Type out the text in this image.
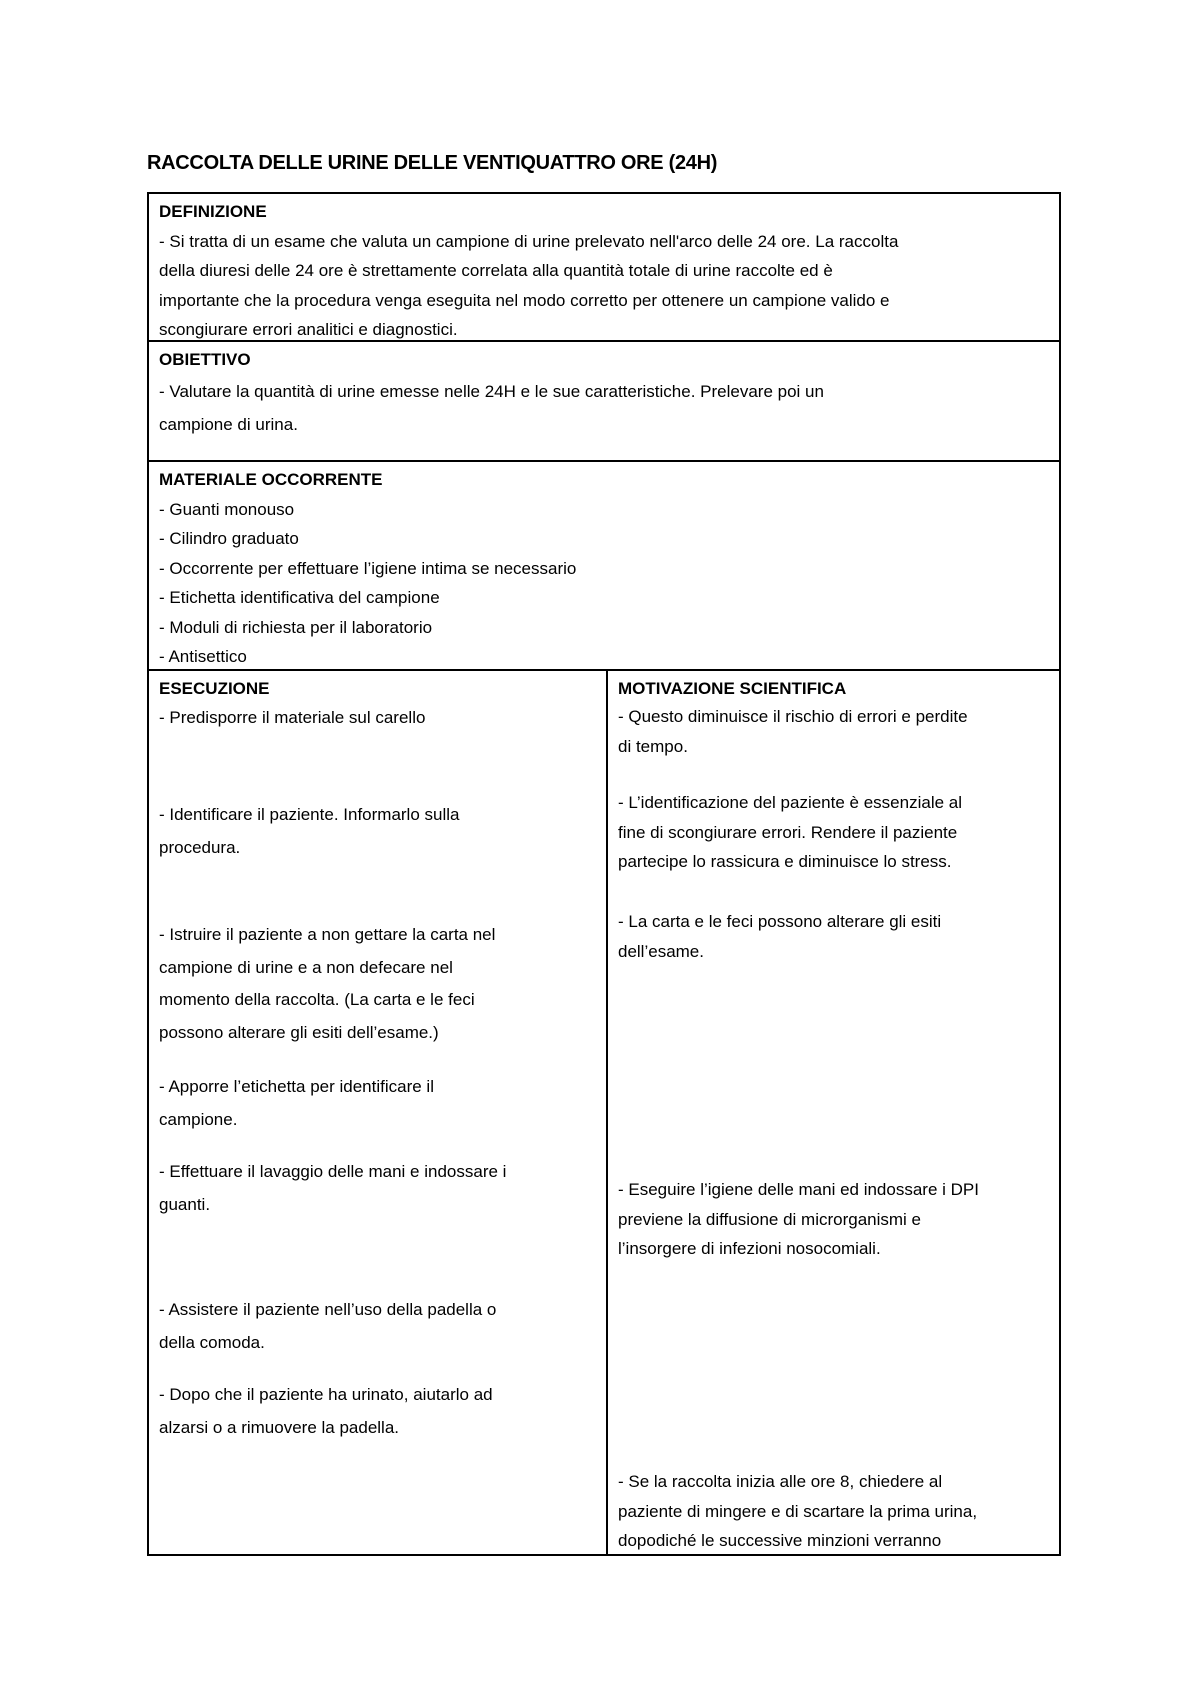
RACCOLTA DELLE URINE DELLE VENTIQUATTRO ORE (24H)
DEFINIZIONE
- Si tratta di un esame che valuta un campione di urine prelevato nell'arco delle 24 ore. La raccolta
della diuresi delle 24 ore è strettamente correlata alla quantità totale di urine raccolte ed è
importante che la procedura venga eseguita nel modo corretto per ottenere un campione valido e
scongiurare errori analitici e diagnostici.
OBIETTIVO
- Valutare la quantità di urine emesse nelle 24H e le sue caratteristiche. Prelevare poi un
campione di urina.
MATERIALE OCCORRENTE
- Guanti monouso
- Cilindro graduato
- Occorrente per effettuare l’igiene intima se necessario
- Etichetta identificativa del campione
- Moduli di richiesta per il laboratorio
- Antisettico
ESECUZIONE
- Predisporre il materiale sul carello
- Identificare il paziente. Informarlo sulla
procedura.
- Istruire il paziente a non gettare la carta nel
campione di urine e a non defecare nel
momento della raccolta. (La carta e le feci
possono alterare gli esiti dell’esame.)
- Apporre l’etichetta per identificare il
campione.
- Effettuare il lavaggio delle mani e indossare i
guanti.
- Assistere il paziente nell’uso della padella o
della comoda.
- Dopo che il paziente ha urinato, aiutarlo ad
alzarsi o a rimuovere la padella.
MOTIVAZIONE SCIENTIFICA
- Questo diminuisce il rischio di errori e perdite
di tempo.
- L’identificazione del paziente è essenziale al
fine di scongiurare errori. Rendere il paziente
partecipe lo rassicura e diminuisce lo stress.
- La carta e le feci possono alterare gli esiti
dell’esame.
- Eseguire l’igiene delle mani ed indossare i DPI
previene la diffusione di microrganismi e
l’insorgere di infezioni nosocomiali.
- Se la raccolta inizia alle ore 8, chiedere al
paziente di mingere e di scartare la prima urina,
dopodiché le successive minzioni verranno
